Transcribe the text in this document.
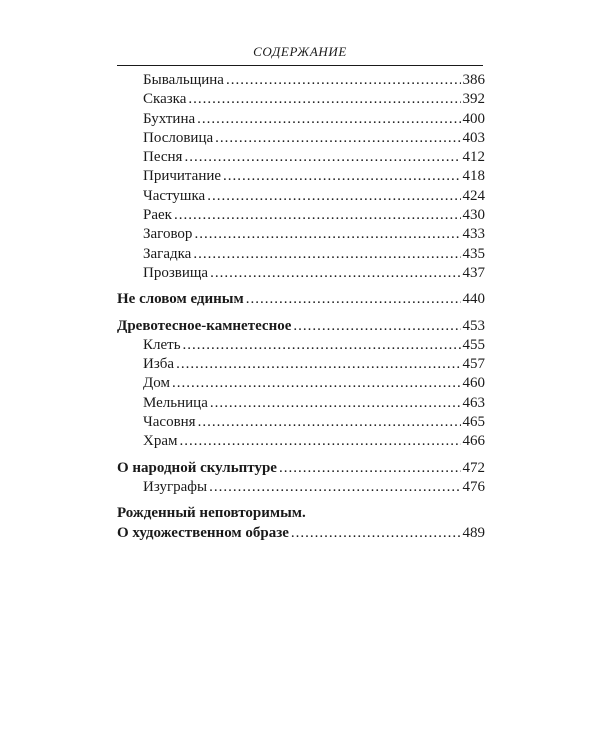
СОДЕРЖАНИЕ
Бывальщина .....	386
Сказка .....	392
Бухтина .....	400
Пословица .....	403
Песня .....	412
Причитание .....	418
Частушка .....	424
Раек .....	430
Заговор .....	433
Загадка .....	435
Прозвища .....	437
Не словом единым .....	440
Древотесное-камнетесное .....	453
Клеть .....	455
Изба .....	457
Дом .....	460
Мельница .....	463
Часовня .....	465
Храм .....	466
О народной скульптуре .....	472
Изуграфы .....	476
Рожденный неповторимым.
О художественном образе .....	489
